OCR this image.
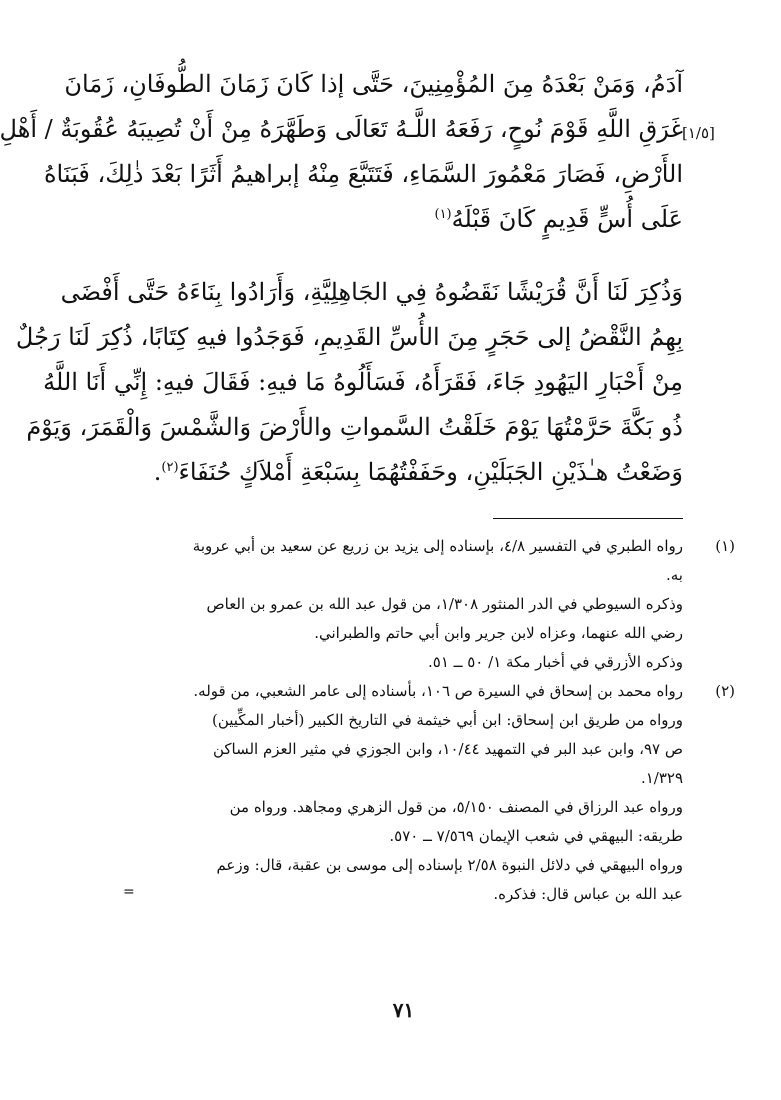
آدَمُ، وَمَنْ بَعْدَهُ مِنَ المُؤْمِنِينَ، حَتَّى إذا كَانَ زَمَانَ الطُّوفَانِ، زَمَانَ
غَرَقِ اللَّهِ قَوْمَ نُوحٍ، رَفَعَهُ اللَّـهُ تَعَالَى وَطَهَّرَهُ مِنْ أَنْ تُصِيبَهُ عُقُوبَةٌ / أَهْلِ
الأَرْضِ، فَصَارَ مَعْمُورَ السَّمَاءِ، فَتَتَبَّعَ مِنْهُ إبراهيمُ أَثَرًا بَعْدَ ذٰلِكَ، فَبَنَاهُ
عَلَى أُسٍّ قَدِيمٍ كَانَ قَبْلَهُ$^{(١)}$
[١/٥]
وَذُكِرَ لَنَا أَنَّ قُرَيْشًا نَقَضُوهُ فِي الجَاهِلِيَّةِ، وَأَرَادُوا بِنَاءَهُ حَتَّى أَفْضَى
بِهِمُ النَّقْضُ إلى حَجَرٍ مِنَ الأُسِّ القَدِيمِ، فَوَجَدُوا فيهِ كِتَابًا، ذُكِرَ لَنَا رَجُلٌ
مِنْ أَحْبَارِ اليَهُودِ جَاءَ، فَقَرَأَهُ، فَسَأَلُوهُ مَا فيهِ: فَقَالَ فيهِ: إِنِّي أَنَا اللَّهُ
ذُو بَكَّةَ حَرَّمْتُهَا يَوْمَ خَلَقْتُ السَّمواتِ والأَرْضَ وَالشَّمْسَ وَالْقَمَرَ، وَيَوْمَ
وَضَعْتُ هـٰذَيْنِ الجَبَلَيْنِ، وحَفَفْتُهُمَا بِسَبْعَةِ أَمْلاَكٍ حُنَفَاءَ$^{(٢)}$.
(١)
رواه الطبري في التفسير ٤/٨، بإسناده إلى يزيد بن زريع عن سعيد بن أبي عروبة
به.
وذكره السيوطي في الدر المنثور ١/٣٠٨، من قول عبد الله بن عمرو بن العاص
رضي الله عنهما، وعزاه لابن جرير وابن أبي حاتم والطبراني.
وذكره الأزرقي في أخبار مكة ١/ ٥٠ ــ ٥١.
(٢)
رواه محمد بن إسحاق في السيرة ص ١٠٦، بأسناده إلى عامر الشعبي، من قوله.
ورواه من طريق ابن إسحاق: ابن أبي خيثمة في التاريخ الكبير (أخبار المكِّيين)
ص ٩٧، وابن عبد البر في التمهيد ١٠/٤٤، وابن الجوزي في مثير العزم الساكن
١/٣٢٩.
ورواه عبد الرزاق في المصنف ٥/١٥٠، من قول الزهري ومجاهد. ورواه من
طريقه: البيهقي في شعب الإيمان ٧/٥٦٩ ــ ٥٧٠.
ورواه البيهقي في دلائل النبوة ٢/٥٨ بإسناده إلى موسى بن عقبة، قال: وزعم
عبد الله بن عباس قال: فذكره.
=
٧١
